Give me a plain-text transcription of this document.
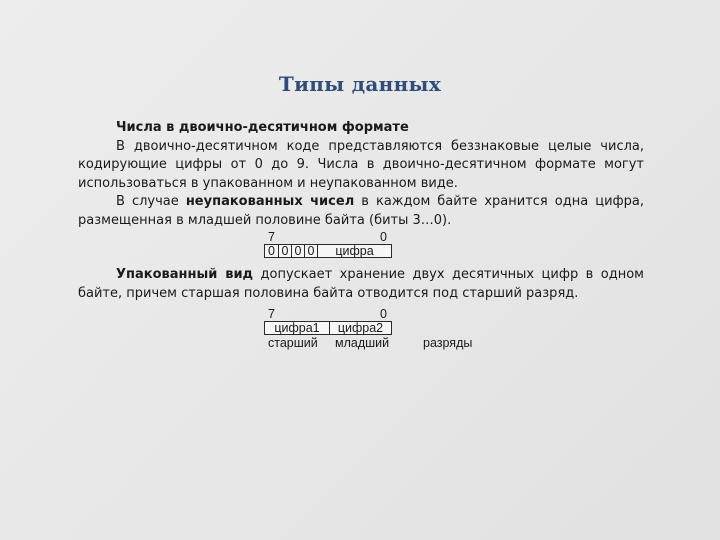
Типы данных

Числа в двоично-десятичном формате

В двоично-десятичном коде представляются беззнаковые целые числа, кодирующие цифры от 0 до 9. Числа в двоично-десятичном формате могут использоваться в упакованном и неупакованном виде.

В случае неупакованных чисел в каждом байте хранится одна цифра, размещенная в младшей половине байта (биты 3…0).

7	0
0 0 0 0	цифра

Упакованный вид допускает хранение двух десятичных цифр в одном байте, причем старшая половина байта отводится под старший разряд.

7	0
цифра1	цифра2
старший младший	разряды
